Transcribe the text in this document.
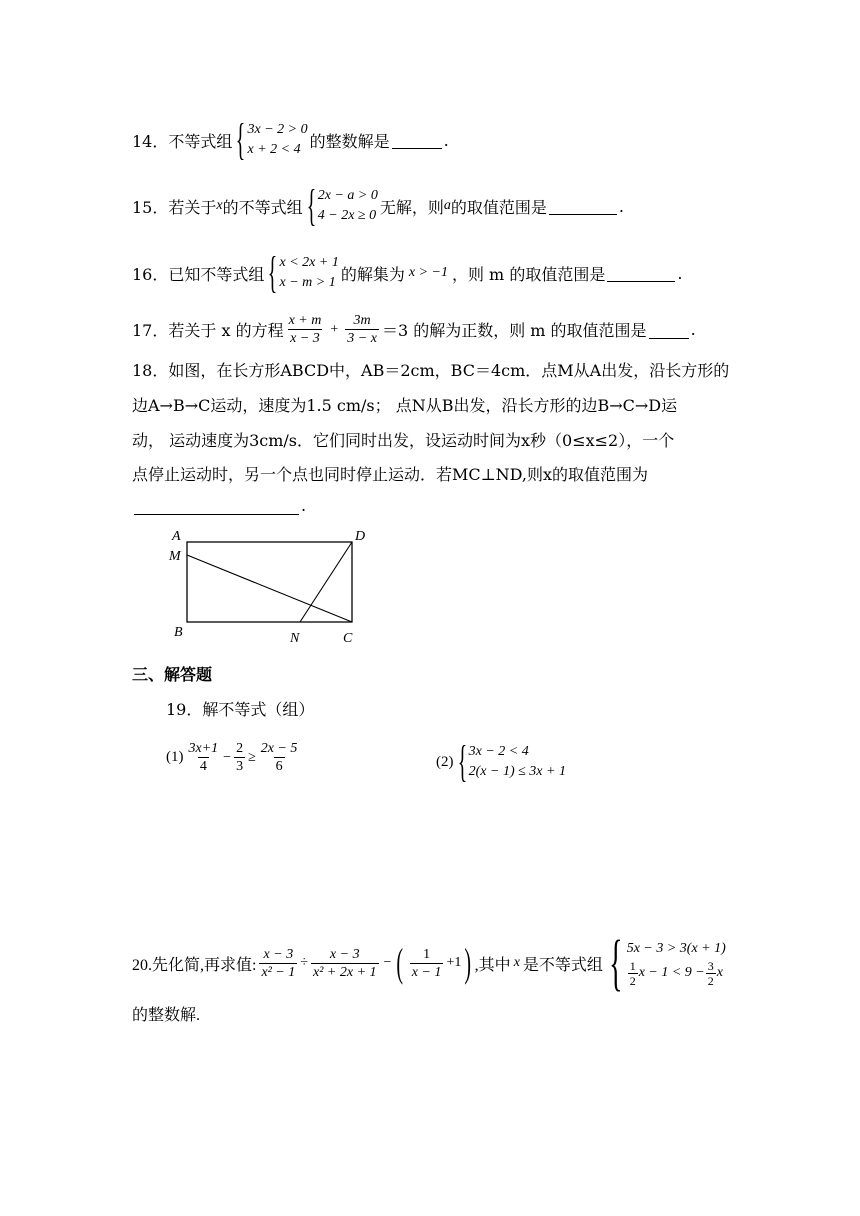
14． 不等式组 { 3x − 2 > 0
x + 2 < 4 的整数解是	.
15． 若关于 x 的不等式组 { 2x − a > 0
4 − 2x ≥ 0 无解，则 a 的取值范围是	.
16． 已知不等式组 { x < 2x + 1
x − m > 1 的解集为 x > −1 ，则 m 的取值范围是	.
17． 若关于 x 的方程 $\frac{x + m}{x - 3} + \frac{3m}{3 - x} =3$ 的解为正数，则 m 的取值范围是	.
18．如图，在长方形ABCD中，AB＝2cm，BC＝4cm．点M从A出发，沿长方形的
边A→B→C运动，速度为1.5 cm/s； 点N从B出发，沿长方形的边B→C→D运
动， 运动速度为3cm/s．它们同时出发，设运动时间为x秒（0≤x≤2），一个
点停止运动时，另一个点也同时停止运动．若MC⊥ND,则x的取值范围为
.
A
M
B	N	C
D
三、解答题
19．解不等式（组）
$(1) \frac{3x+1}{4} - \frac{2}{3} \ge \frac{2x - 5}{6}$	(2) { 3x − 2 < 4
2(x − 1) ≤ 3x + 1
20.先化简,再求值: $\frac{x - 3}{\text{x² − 1}} \div \frac{x - 3}{\text{x² + 2x + 1}}$ − ( $\frac{1}{x - 1} +1$ ) ,其中 x 是不等式组 { 5x − 3 > 3(x + 1)
$\frac{1}{2}$ $x - 1 < 9 - \frac{3}{2}$ x
的整数解.
